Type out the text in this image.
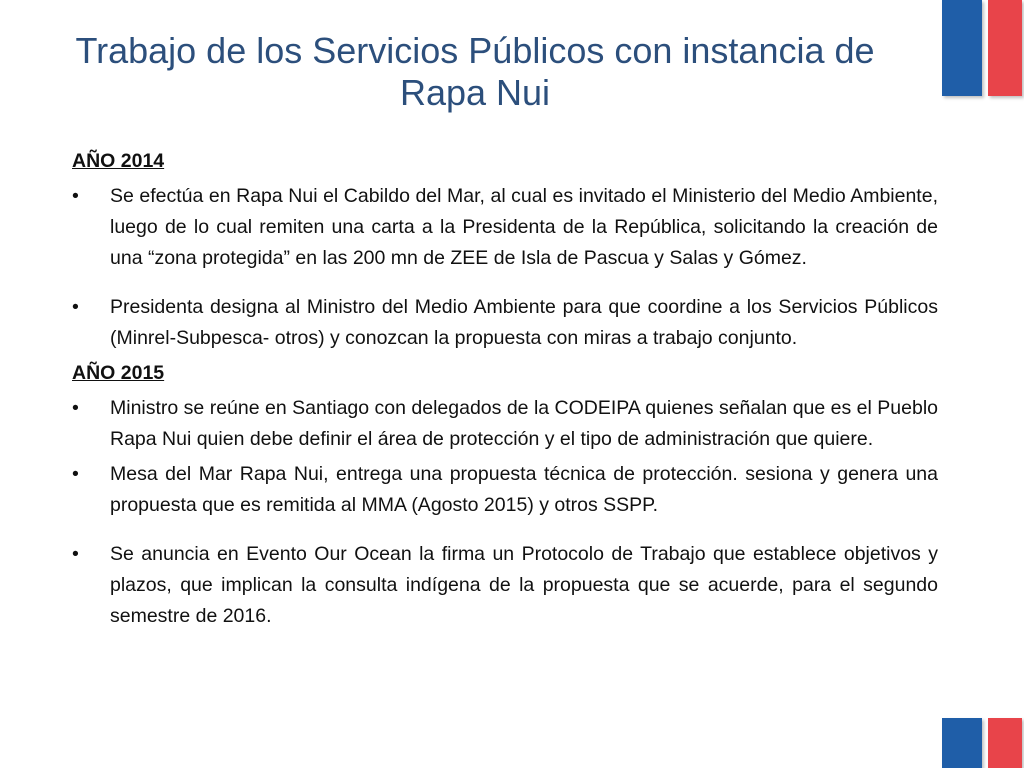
Trabajo de los Servicios Públicos con instancia de Rapa Nui
AÑO 2014
• Se efectúa en Rapa Nui el Cabildo del Mar, al cual es invitado el Ministerio del Medio Ambiente, luego de lo cual remiten una carta a la Presidenta de la República, solicitando la creación de una “zona protegida” en las 200 mn de ZEE de Isla de Pascua y Salas y Gómez.
• Presidenta designa al Ministro del Medio Ambiente para que coordine a los Servicios Públicos (Minrel-Subpesca- otros) y conozcan la propuesta con miras a trabajo conjunto.
AÑO 2015
• Ministro se reúne en Santiago con delegados de la CODEIPA quienes señalan que es el Pueblo Rapa Nui quien debe definir el área de protección y el tipo de administración que quiere.
• Mesa del Mar Rapa Nui, entrega una propuesta técnica de protección. sesiona y genera una propuesta que es remitida al MMA (Agosto 2015) y otros SSPP.
• Se anuncia en Evento Our Ocean la firma un Protocolo de Trabajo que establece objetivos y plazos, que implican la consulta indígena de la propuesta que se acuerde, para el segundo semestre de 2016.
